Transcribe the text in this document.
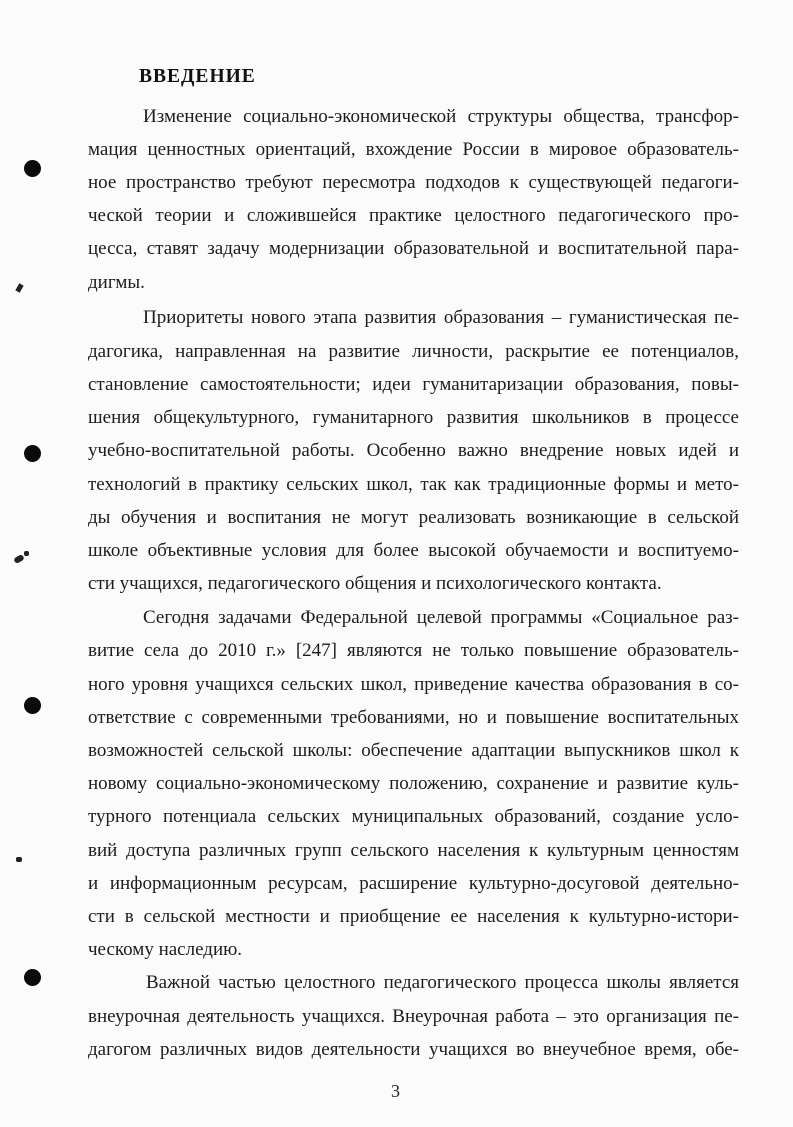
ВВЕДЕНИЕ
Изменение социально-экономической структуры общества, трансфор-
мация ценностных ориентаций, вхождение России в мировое образователь-
ное пространство требуют пересмотра подходов к существующей педагоги-
ческой теории и сложившейся практике целостного педагогического про-
цесса, ставят задачу модернизации образовательной и воспитательной пара-
дигмы.
Приоритеты нового этапа развития образования – гуманистическая пе-
дагогика, направленная на развитие личности, раскрытие ее потенциалов,
становление самостоятельности; идеи гуманитаризации образования, повы-
шения общекультурного, гуманитарного развития школьников в процессе
учебно-воспитательной работы. Особенно важно внедрение новых идей и
технологий в практику сельских школ, так как традиционные формы и мето-
ды обучения и воспитания не могут реализовать возникающие в сельской
школе объективные условия для более высокой обучаемости и воспитуемо-
сти учащихся, педагогического общения и психологического контакта.
Сегодня задачами Федеральной целевой программы «Социальное раз-
витие села до 2010 г.» [247] являются не только повышение образователь-
ного уровня учащихся сельских школ, приведение качества образования в со-
ответствие с современными требованиями, но и повышение воспитательных
возможностей сельской школы: обеспечение адаптации выпускников школ к
новому социально-экономическому положению, сохранение и развитие куль-
турного потенциала сельских муниципальных образований, создание усло-
вий доступа различных групп сельского населения к культурным ценностям
и информационным ресурсам, расширение культурно-досуговой деятельно-
сти в сельской местности и приобщение ее населения к культурно-истори-
ческому наследию.
Важной частью целостного педагогического процесса школы является
внеурочная деятельность учащихся. Внеурочная работа – это организация пе-
дагогом различных видов деятельности учащихся во внеучебное время, обе-
3
